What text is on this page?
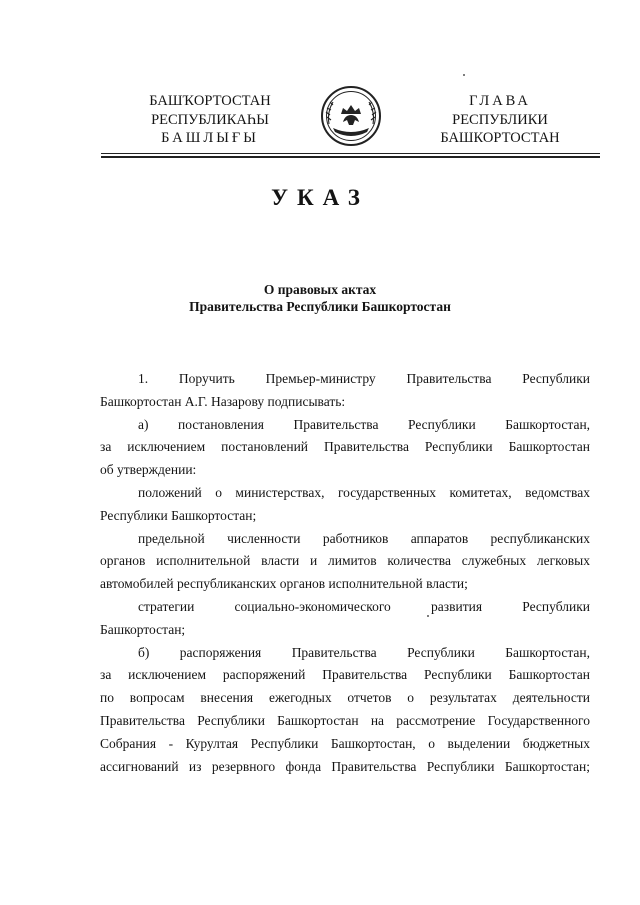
БАШҠОРТОСТАН
РЕСПУБЛИКАҺЫ
БАШЛЫҒЫ
ГЛАВА
РЕСПУБЛИКИ
БАШКОРТОСТАН
УКАЗ
О правовых актах
Правительства Республики Башкортостан

1. Поручить Премьер-министру Правительства Республики

Башкортостан А.Г. Назарову подписывать:

а) постановления Правительства Республики Башкортостан,

за исключением постановлений Правительства Республики Башкортостан

об утверждении:

положений о министерствах, государственных комитетах, ведомствах

Республики Башкортостан;

предельной численности работников аппаратов республиканских

органов исполнительной власти и лимитов количества служебных легковых

автомобилей республиканских органов исполнительной власти;

стратегии	социально-экономического	развития	Республики

Башкортостан;

б) распоряжения Правительства Республики Башкортостан,

за исключением распоряжений Правительства Республики Башкортостан

по вопросам внесения ежегодных отчетов о результатах деятельности

Правительства Республики Башкортостан на рассмотрение Государственного

Собрания - Курултая Республики Башкортостан, о выделении бюджетных

ассигнований из резервного фонда Правительства Республики Башкортостан;
